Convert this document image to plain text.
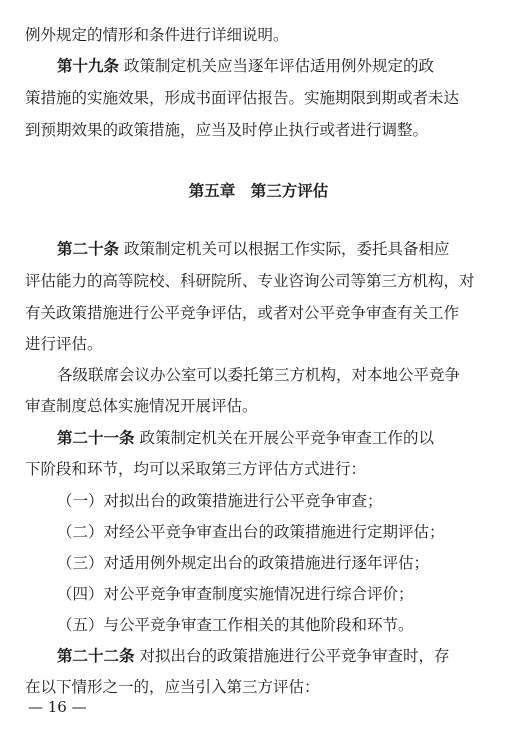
例外规定的情形和条件进行详细说明。
第十九条 政策制定机关应当逐年评估适用例外规定的政
策措施的实施效果，形成书面评估报告。实施期限到期或者未达
到预期效果的政策措施，应当及时停止执行或者进行调整。
第五章　第三方评估
第二十条 政策制定机关可以根据工作实际，委托具备相应
评估能力的高等院校、科研院所、专业咨询公司等第三方机构，对
有关政策措施进行公平竞争评估，或者对公平竞争审查有关工作
进行评估。
各级联席会议办公室可以委托第三方机构，对本地公平竞争
审查制度总体实施情况开展评估。
第二十一条 政策制定机关在开展公平竞争审查工作的以
下阶段和环节，均可以采取第三方评估方式进行：
（一）对拟出台的政策措施进行公平竞争审查；
（二）对经公平竞争审查出台的政策措施进行定期评估；
（三）对适用例外规定出台的政策措施进行逐年评估；
（四）对公平竞争审查制度实施情况进行综合评价；
（五）与公平竞争审查工作相关的其他阶段和环节。
第二十二条 对拟出台的政策措施进行公平竞争审查时，存
在以下情形之一的，应当引入第三方评估：
— 16 —
